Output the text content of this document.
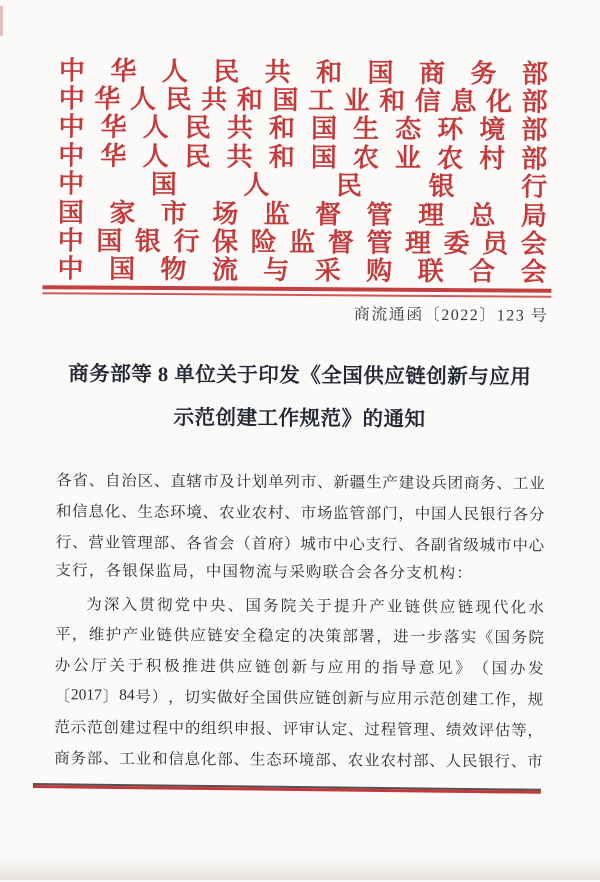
中 华 人 民 共 和 国 商 务 部
中 华 人 民 共 和 国 工 业 和 信 息 化 部
中 华 人 民 共 和 国 生 态 环 境 部
中 华 人 民 共 和 国 农 业 农 村 部
中	国	人	民	银	行
国 家 市 场 监 督 管 理 总 局
中 国 银 行 保 险 监 督 管 理 委 员 会
中 国 物 流 与 采 购 联 合 会
商流通函〔2022〕123 号
商务部等 8 单位关于印发《全国供应链创新与应用
示范创建工作规范》的通知
各 省 、 自 治 区 、 直 辖 市 及 计 划 单 列 市 、 新 疆 生 产 建 设 兵 团 商 务 、 工 业
和 信 息 化 、 生 态 环 境 、 农 业 农 村 、 市 场 监 管 部 门 ， 中 国 人 民 银 行 各 分
行 、 营 业 管 理 部 、 各 省 会 （ 首 府 ） 城 市 中 心 支 行 、 各 副 省 级 城 市 中 心
支行，各银保监局，中国物流与采购联合会各分支机构：
为 深 入 贯 彻 党 中 央 、 国 务 院 关 于 提 升 产 业 链 供 应 链 现 代 化 水
平 ， 维 护 产 业 链 供 应 链 安 全 稳 定 的 决 策 部 署 ， 进 一 步 落 实 《 国 务 院
办 公 厅 关 于 积 极 推 进 供 应 链 创 新 与 应 用 的 指 导 意 见 》 （ 国 办 发
〔 2017 〕 84 号 ） ， 切 实 做 好 全 国 供 应 链 创 新 与 应 用 示 范 创 建 工 作 ， 规
范 示 范 创 建 过 程 中 的 组 织 申 报 、 评 审 认 定 、 过 程 管 理 、 绩 效 评 估 等 ，
商 务 部 、 工 业 和 信 息 化 部 、 生 态 环 境 部 、 农 业 农 村 部 、 人 民 银 行 、 市
